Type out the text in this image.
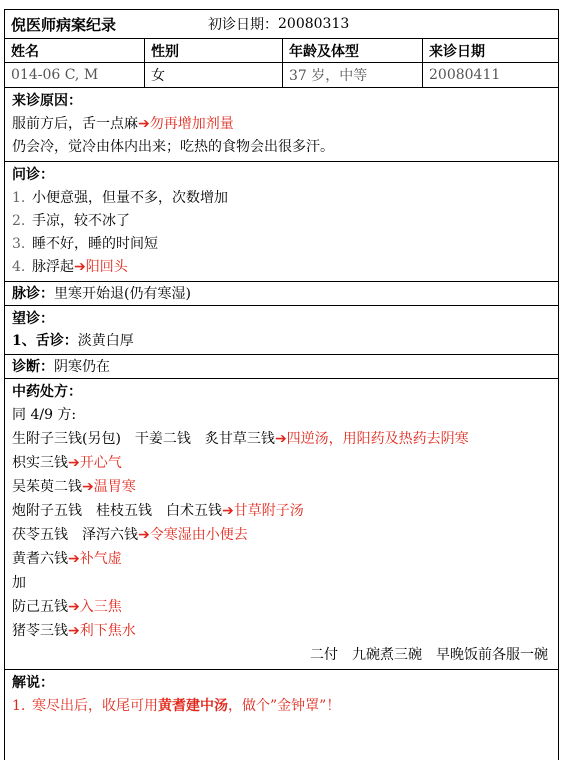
倪医师病案纪录	初诊日期： 20080313
姓名	性别	年龄及体型	来诊日期
014-06 C, M	女	37 岁，中等	20080411
来诊原因：
服前方后，舌一点麻➔勿再增加剂量
仍会冷，觉冷由体内出来；吃热的食物会出很多汗。
问诊：
1. 小便意强，但量不多，次数增加
2. 手凉，较不冰了
3. 睡不好，睡的时间短
4. 脉浮起➔阳回头
脉诊：里寒开始退(仍有寒湿)
望诊：
1、舌诊：淡黄白厚
诊断：阴寒仍在
中药处方：
同 4/9 方:
生附子三钱(另包)　干姜二钱　炙甘草三钱➔四逆汤，用阳药及热药去阴寒
枳实三钱➔开心气
吴茱萸二钱➔温胃寒
炮附子五钱　桂枝五钱　白术五钱➔甘草附子汤
茯苓五钱　泽泻六钱➔令寒湿由小便去
黄耆六钱➔补气虚
加
防己五钱➔入三焦
猪苓三钱➔利下焦水
二付　九碗煮三碗　早晚饭前各服一碗
解说：
1. 寒尽出后，收尾可用黄耆建中汤，做个”金钟罩”！
